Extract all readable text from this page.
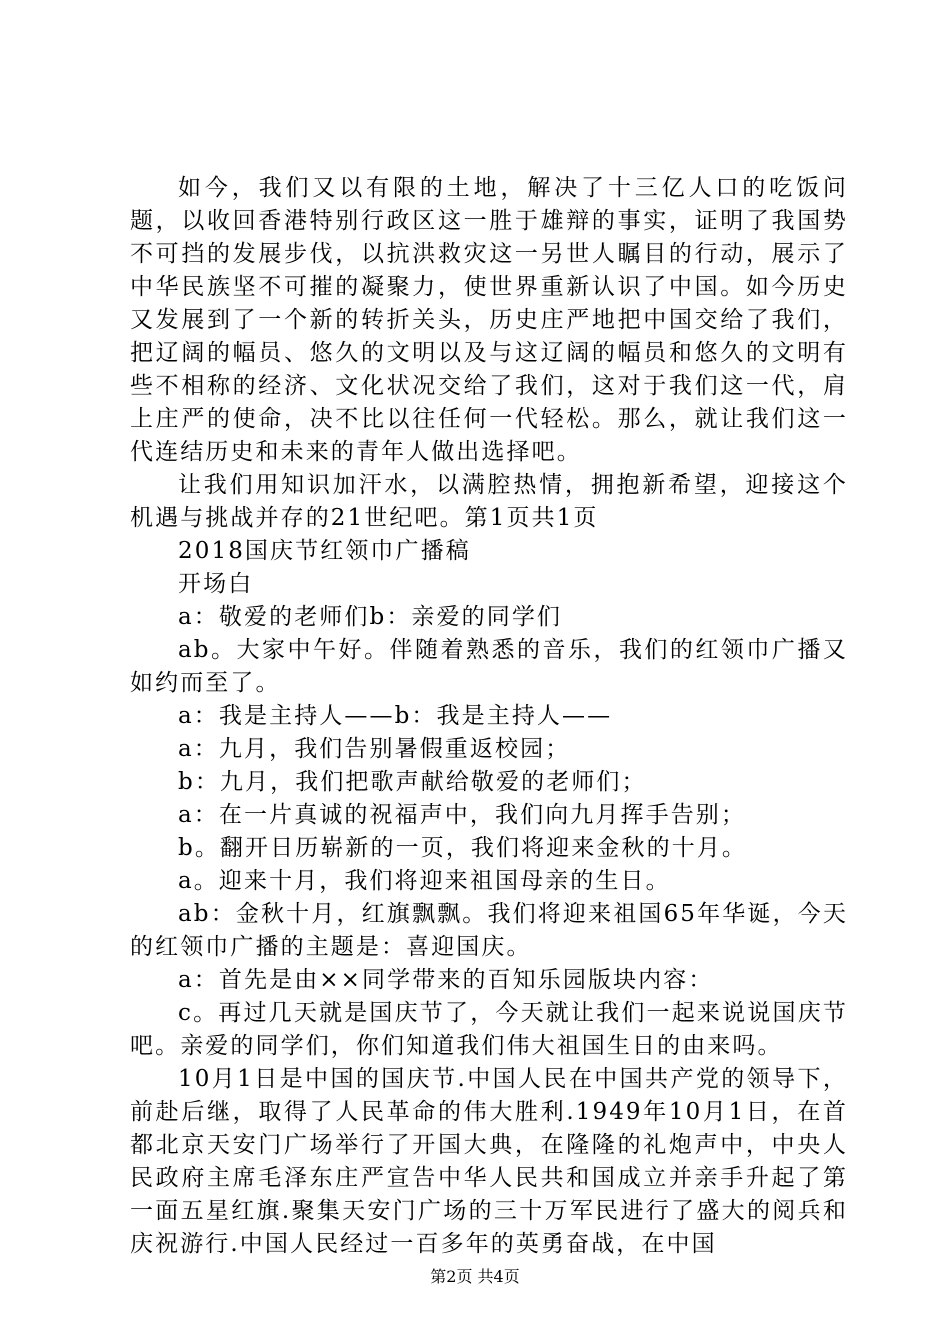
如今，我们又以有限的土地，解决了十三亿人口的吃饭问题，以收回香港特别行政区这一胜于雄辩的事实，证明了我国势不可挡的发展步伐，以抗洪救灾这一另世人瞩目的行动，展示了中华民族坚不可摧的凝聚力，使世界重新认识了中国。如今历史又发展到了一个新的转折关头，历史庄严地把中国交给了我们，把辽阔的幅员、悠久的文明以及与这辽阔的幅员和悠久的文明有些不相称的经济、文化状况交给了我们，这对于我们这一代，肩上庄严的使命，决不比以往任何一代轻松。那么，就让我们这一代连结历史和未来的青年人做出选择吧。

让我们用知识加汗水，以满腔热情，拥抱新希望，迎接这个机遇与挑战并存的21世纪吧。第1页共1页

2018国庆节红领巾广播稿

开场白

a：敬爱的老师们b：亲爱的同学们

ab。大家中午好。伴随着熟悉的音乐，我们的红领巾广播又如约而至了。

a：我是主持人——b：我是主持人——

a：九月，我们告别暑假重返校园；

b：九月，我们把歌声献给敬爱的老师们；

a：在一片真诚的祝福声中，我们向九月挥手告别；

b。翻开日历崭新的一页，我们将迎来金秋的十月。

a。迎来十月，我们将迎来祖国母亲的生日。

ab：金秋十月，红旗飘飘。我们将迎来祖国65年华诞，今天的红领巾广播的主题是：喜迎国庆。

a：首先是由××同学带来的百知乐园版块内容：

c。再过几天就是国庆节了，今天就让我们一起来说说国庆节吧。亲爱的同学们，你们知道我们伟大祖国生日的由来吗。

10月1日是中国的国庆节.中国人民在中国共产党的领导下，前赴后继，取得了人民革命的伟大胜利.1949年10月1日，在首都北京天安门广场举行了开国大典，在隆隆的礼炮声中，中央人民政府主席毛泽东庄严宣告中华人民共和国成立并亲手升起了第一面五星红旗.聚集天安门广场的三十万军民进行了盛大的阅兵和庆祝游行.中国人民经过一百多年的英勇奋战，在中国

第2页 共4页
